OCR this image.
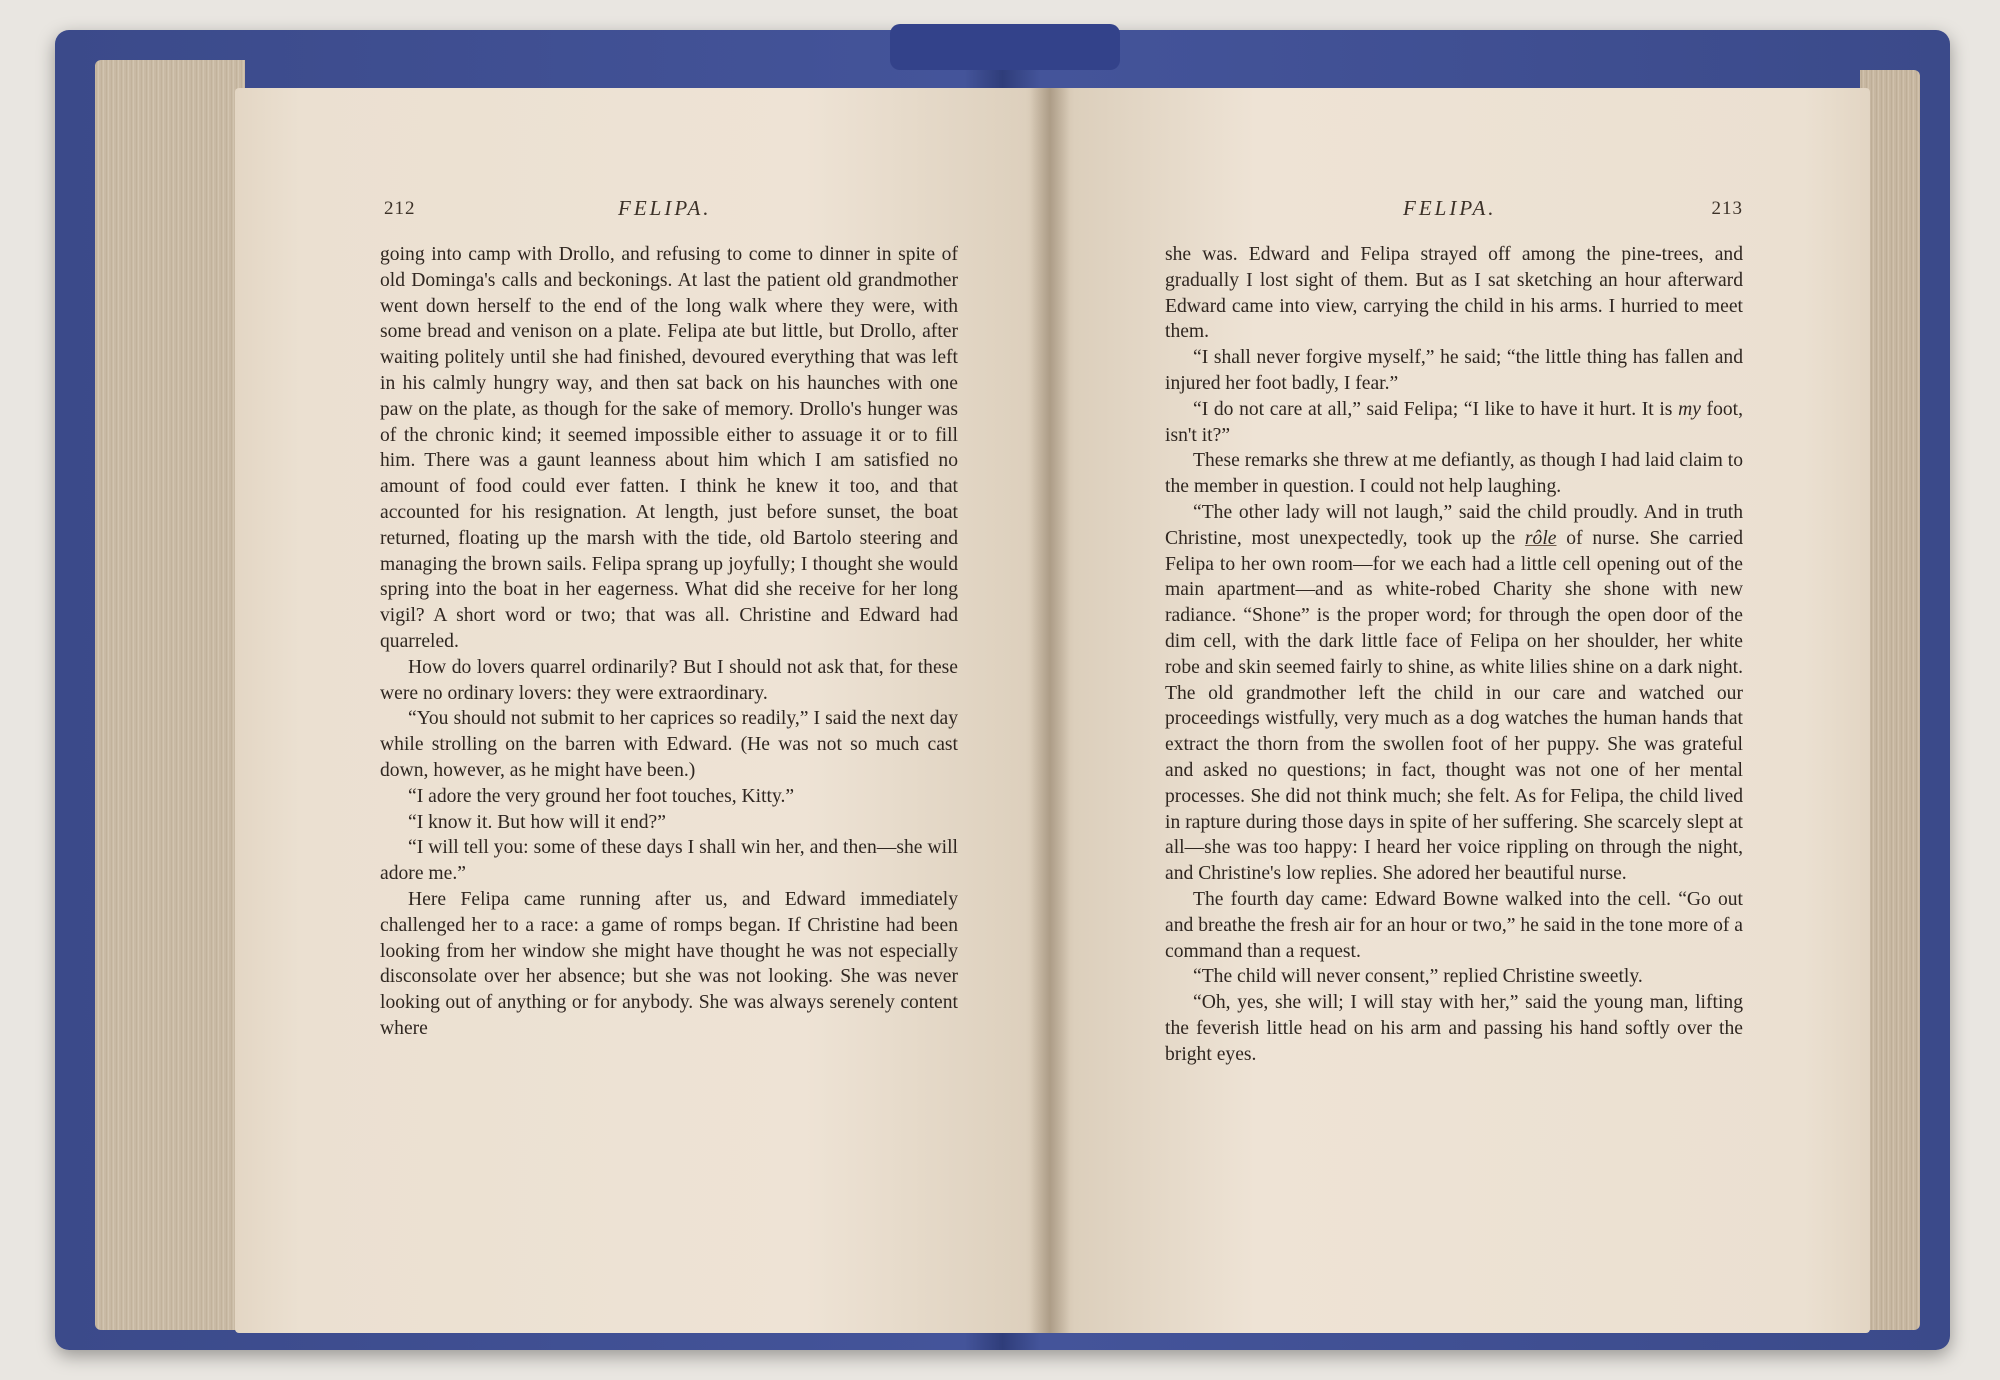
212	FELIPA.	FELIPA.	213

going into camp with Drollo, and refusing to come to dinner in spite of old Dominga's calls and beckonings. At last the patient old grandmother went down herself to the end of the long walk where they were, with some bread and venison on a plate. Felipa ate but little, but Drollo, after waiting politely until she had finished, devoured everything that was left in his calmly hungry way, and then sat back on his haunches with one paw on the plate, as though for the sake of memory. Drollo's hunger was of the chronic kind; it seemed impossible either to assuage it or to fill him. There was a gaunt leanness about him which I am satisfied no amount of food could ever fatten. I think he knew it too, and that accounted for his resignation. At length, just before sunset, the boat returned, floating up the marsh with the tide, old Bartolo steering and managing the brown sails. Felipa sprang up joyfully; I thought she would spring into the boat in her eagerness. What did she receive for her long vigil? A short word or two; that was all. Christine and Edward had quarreled.

How do lovers quarrel ordinarily? But I should not ask that, for these were no ordinary lovers: they were extraordinary.

“You should not submit to her caprices so readily,” I said the next day while strolling on the barren with Edward. (He was not so much cast down, however, as he might have been.)

“I adore the very ground her foot touches, Kitty.”

“I know it. But how will it end?”

“I will tell you: some of these days I shall win her, and then—she will adore me.”

Here Felipa came running after us, and Edward immediately challenged her to a race: a game of romps began. If Christine had been looking from her window she might have thought he was not especially disconsolate over her absence; but she was not looking. She was never looking out of anything or for anybody. She was always serenely content where

she was. Edward and Felipa strayed off among the pine-trees, and gradually I lost sight of them. But as I sat sketching an hour afterward Edward came into view, carrying the child in his arms. I hurried to meet them.

“I shall never forgive myself,” he said; “the little thing has fallen and injured her foot badly, I fear.”

“I do not care at all,” said Felipa; “I like to have it hurt. It is my foot, isn't it?”

These remarks she threw at me defiantly, as though I had laid claim to the member in question. I could not help laughing.

“The other lady will not laugh,” said the child proudly. And in truth Christine, most unexpectedly, took up the rôle of nurse. She carried Felipa to her own room—for we each had a little cell opening out of the main apartment—and as white-robed Charity she shone with new radiance. “Shone” is the proper word; for through the open door of the dim cell, with the dark little face of Felipa on her shoulder, her white robe and skin seemed fairly to shine, as white lilies shine on a dark night. The old grandmother left the child in our care and watched our proceedings wistfully, very much as a dog watches the human hands that extract the thorn from the swollen foot of her puppy. She was grateful and asked no questions; in fact, thought was not one of her mental processes. She did not think much; she felt. As for Felipa, the child lived in rapture during those days in spite of her suffering. She scarcely slept at all—she was too happy: I heard her voice rippling on through the night, and Christine's low replies. She adored her beautiful nurse.

The fourth day came: Edward Bowne walked into the cell. “Go out and breathe the fresh air for an hour or two,” he said in the tone more of a command than a request.

“The child will never consent,” replied Christine sweetly.

“Oh, yes, she will; I will stay with her,” said the young man, lifting the feverish little head on his arm and passing his hand softly over the bright eyes.
